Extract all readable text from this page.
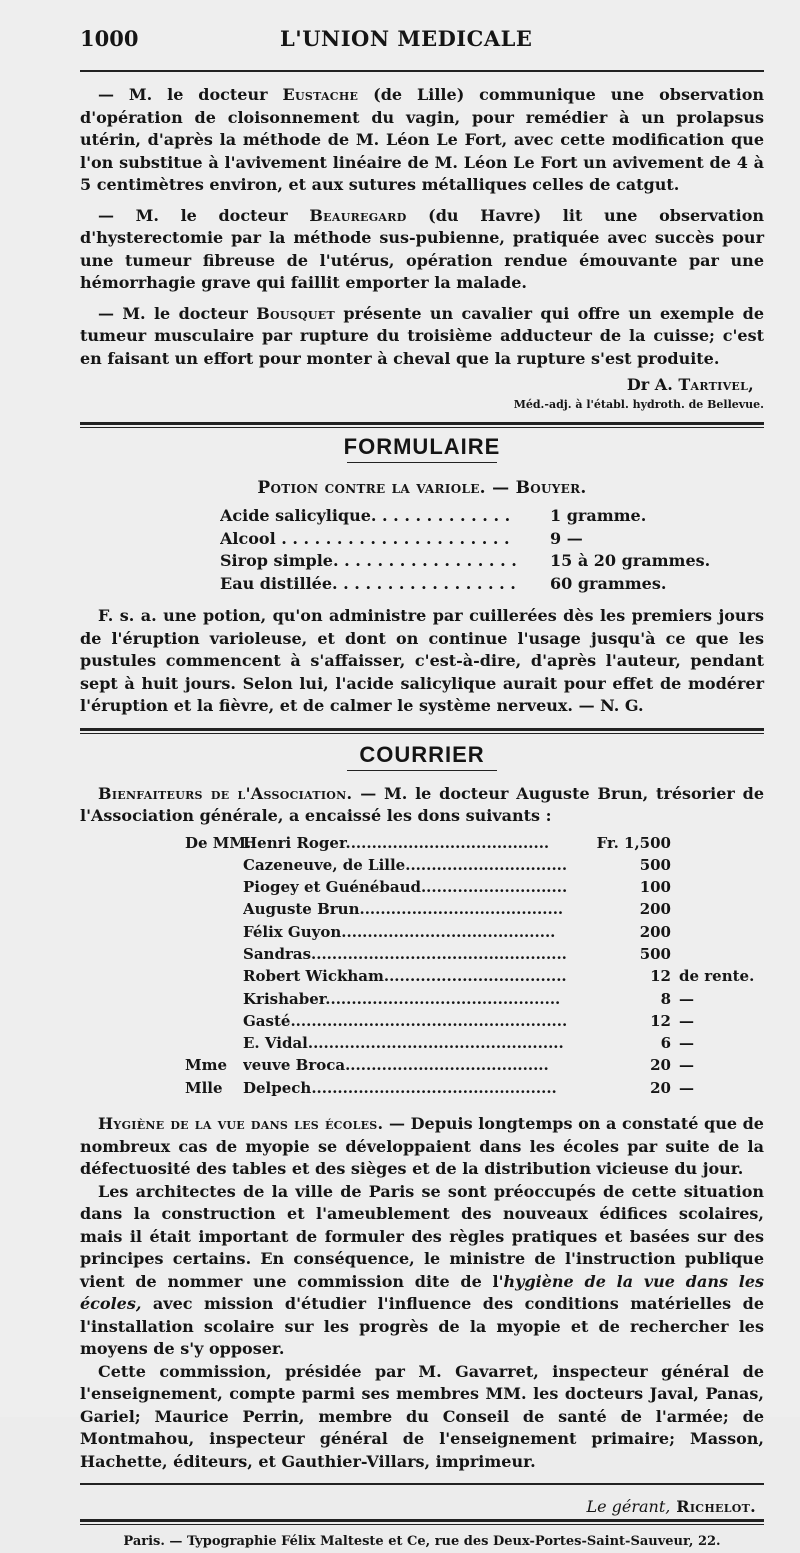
1000	L'UNION MEDICALE

— M. le docteur Eustache (de Lille) communique une observation d'opération de cloisonnement du vagin, pour remédier à un prolapsus utérin, d'après la méthode de M. Léon Le Fort, avec cette modification que l'on substitue à l'avivement linéaire de M. Léon Le Fort un avivement de 4 à 5 centimètres environ, et aux sutures métalliques celles de catgut.

— M. le docteur Beauregard (du Havre) lit une observation d'hysterectomie par la méthode sus-pubienne, pratiquée avec succès pour une tumeur fibreuse de l'utérus, opération rendue émouvante par une hémorrhagie grave qui faillit emporter la malade.

— M. le docteur Bousquet présente un cavalier qui offre un exemple de tumeur musculaire par rupture du troisième adducteur de la cuisse; c'est en faisant un effort pour monter à cheval que la rupture s'est produite.

Dr A. Tartivel,
Méd.-adj. à l'établ. hydroth. de Bellevue.
FORMULAIRE
Potion contre la variole. — Bouyer.
Acide salicylique. . . . . . . . . . . . .	1 gramme.
Alcool . . . . . . . . . . . . . . . . . . . . .	9 —
Sirop simple. . . . . . . . . . . . . . . . .	15 à 20 grammes.
Eau distillée. . . . . . . . . . . . . . . . .	60 grammes.

F. s. a. une potion, qu'on administre par cuillerées dès les premiers jours de l'éruption varioleuse, et dont on continue l'usage jusqu'à ce que les pustules commencent à s'affaisser, c'est-à-dire, d'après l'auteur, pendant sept à huit jours. Selon lui, l'acide salicylique aurait pour effet de modérer l'éruption et la fièvre, et de calmer le système nerveux. — N. G.

COURRIER

Bienfaiteurs de l'Association. — M. le docteur Auguste Brun, trésorier de l'Association générale, a encaissé les dons suivants :

De MM.
Henri Roger.......................................	Fr. 1,500
Cazeneuve, de Lille...............................	500
Piogey et Guénébaud............................	100
Auguste Brun.......................................	200
Félix Guyon.........................................	200
Sandras.................................................	500
Robert Wickham...................................	12 de rente.
Krishaber.............................................	8 —
Gasté.....................................................	12 —
E. Vidal.................................................	6 —
Mme	veuve Broca.......................................	20 —
Mlle	Delpech...............................................	20 —

Hygiène de la vue dans les écoles. — Depuis longtemps on a constaté que de nombreux cas de myopie se développaient dans les écoles par suite de la défectuosité des tables et des sièges et de la distribution vicieuse du jour.

Les architectes de la ville de Paris se sont préoccupés de cette situation dans la construction et l'ameublement des nouveaux édifices scolaires, mais il était important de formuler des règles pratiques et basées sur des principes certains. En conséquence, le ministre de l'instruction publique vient de nommer une commission dite de l'hygiène de la vue dans les écoles, avec mission d'étudier l'influence des conditions matérielles de l'installation scolaire sur les progrès de la myopie et de rechercher les moyens de s'y opposer.

Cette commission, présidée par M. Gavarret, inspecteur général de l'enseignement, compte parmi ses membres MM. les docteurs Javal, Panas, Gariel; Maurice Perrin, membre du Conseil de santé de l'armée; de Montmahou, inspecteur général de l'enseignement primaire; Masson, Hachette, éditeurs, et Gauthier-Villars, imprimeur.

Le gérant, Richelot.
Paris. — Typographie Félix Malteste et Ce, rue des Deux-Portes-Saint-Sauveur, 22.
